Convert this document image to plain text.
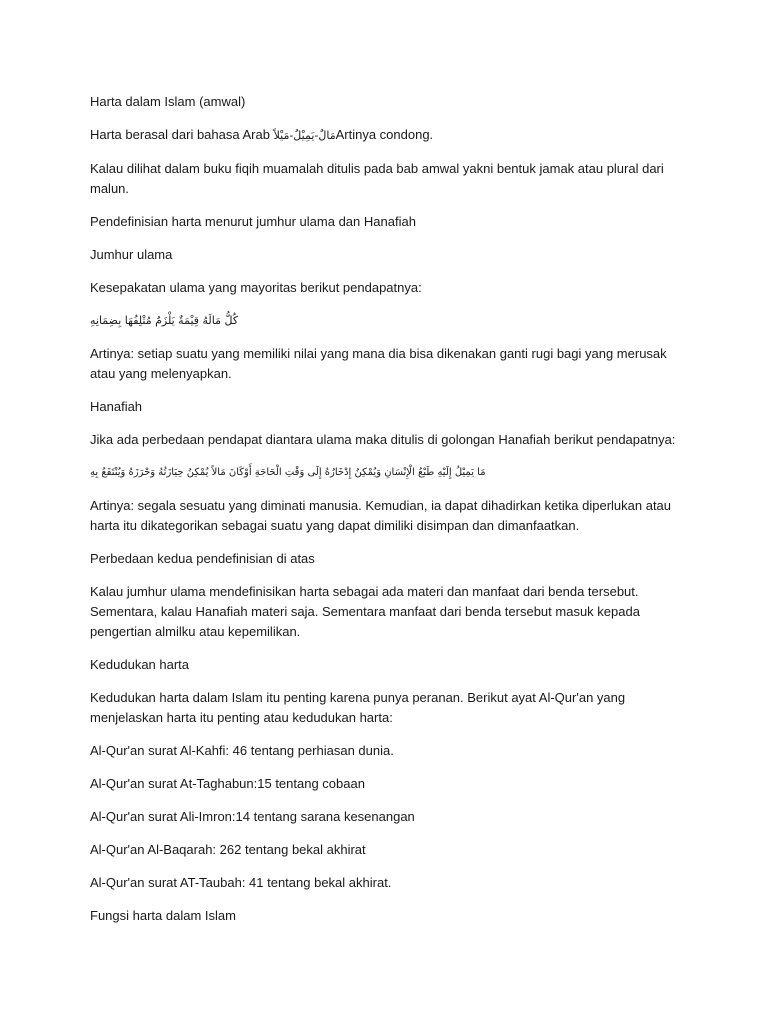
Harta dalam Islam (amwal)

Harta berasal dari bahasa Arab مَالٌ-يَمِيْلُ-مَيْلاًArtinya condong.

Kalau dilihat dalam buku fiqih muamalah ditulis pada bab amwal yakni bentuk jamak atau plural dari malun.

Pendefinisian harta menurut jumhur ulama dan Hanafiah

Jumhur ulama

Kesepakatan ulama yang mayoritas berikut pendapatnya:

كُلُّ مَالَهُ قِيْمَةٌ يَلْزَمُ مُتْلِفُهَا بِضِمَانِهِ

Artinya: setiap suatu yang memiliki nilai yang mana dia bisa dikenakan ganti rugi bagi yang merusak atau yang melenyapkan.

Hanafiah

Jika ada perbedaan pendapat diantara ulama maka ditulis di golongan Hanafiah berikut pendapatnya:

مَا يَمِيْلُ إِلَيْهِ طَبْعُ الْإِنْسَانِ وَيُمْكِنُ إِدْخَارُهُ إِلَى وَقْتِ الْحَاجَةِ أَوْكَانَ مَالاً يُمْكِنُ حِيَازَتُهُ وَحْرَزَهُ وَيُنْتَفَعُ بِهِ

Artinya: segala sesuatu yang diminati manusia. Kemudian, ia dapat dihadirkan ketika diperlukan atau harta itu dikategorikan sebagai suatu yang dapat dimiliki disimpan dan dimanfaatkan.

Perbedaan kedua pendefinisian di atas

Kalau jumhur ulama mendefinisikan harta sebagai ada materi dan manfaat dari benda tersebut. Sementara, kalau Hanafiah materi saja. Sementara manfaat dari benda tersebut masuk kepada pengertian almilku atau kepemilikan.

Kedudukan harta

Kedudukan harta dalam Islam itu penting karena punya peranan. Berikut ayat Al-Qur'an yang menjelaskan harta itu penting atau kedudukan harta:

Al-Qur'an surat Al-Kahfi: 46 tentang perhiasan dunia.

Al-Qur'an surat At-Taghabun:15 tentang cobaan

Al-Qur'an surat Ali-Imron:14 tentang sarana kesenangan

Al-Qur'an Al-Baqarah: 262 tentang bekal akhirat

Al-Qur'an surat AT-Taubah: 41 tentang bekal akhirat.

Fungsi harta dalam Islam
